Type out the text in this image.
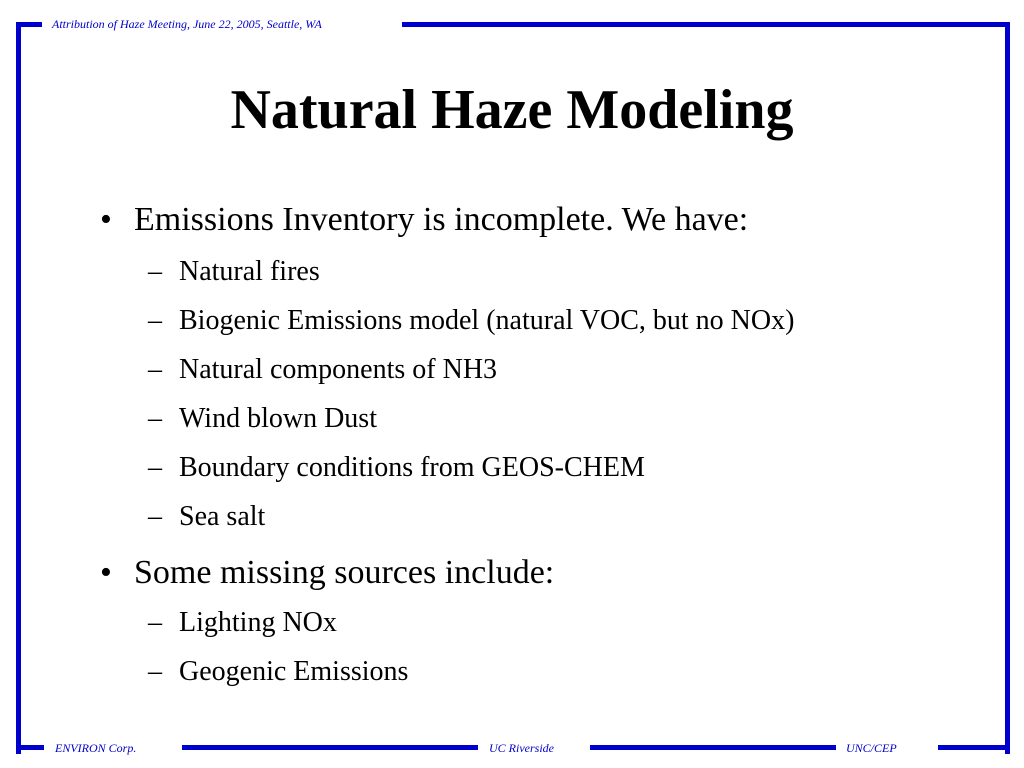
Attribution of Haze Meeting, June 22, 2005, Seattle, WA
ENVIRON Corp.	UC Riverside	UNC/CEP
Natural Haze Modeling
• Emissions Inventory is incomplete. We have:
– Natural fires
– Biogenic Emissions model (natural VOC, but no NOx)
– Natural components of NH3
– Wind blown Dust
– Boundary conditions from GEOS-CHEM
– Sea salt
• Some missing sources include:
– Lighting NOx
– Geogenic Emissions
